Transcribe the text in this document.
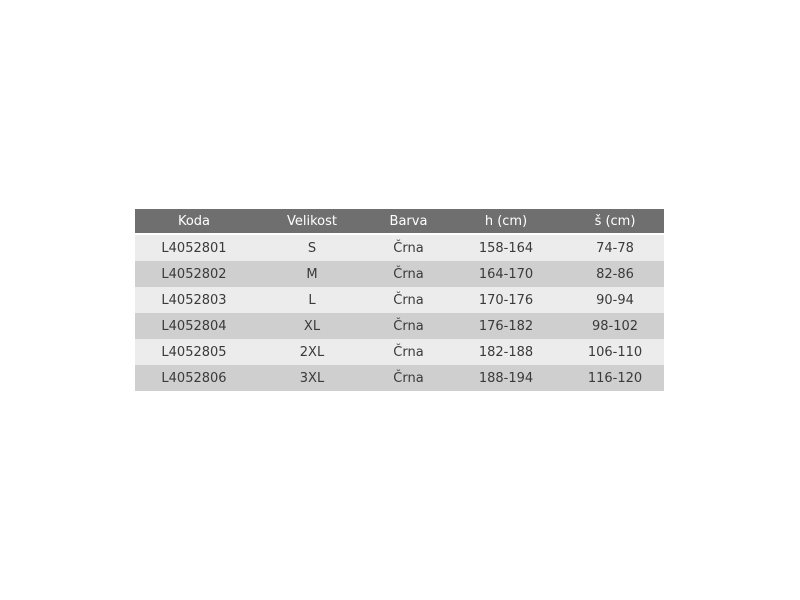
Koda	Velikost	Barva	h (cm)	š (cm)
L4052801	S	Črna	158-164	74-78
L4052802	M	Črna	164-170	82-86
L4052803	L	Črna	170-176	90-94
L4052804	XL	Črna	176-182	98-102
L4052805	2XL	Črna	182-188	106-110
L4052806	3XL	Črna	188-194	116-120
